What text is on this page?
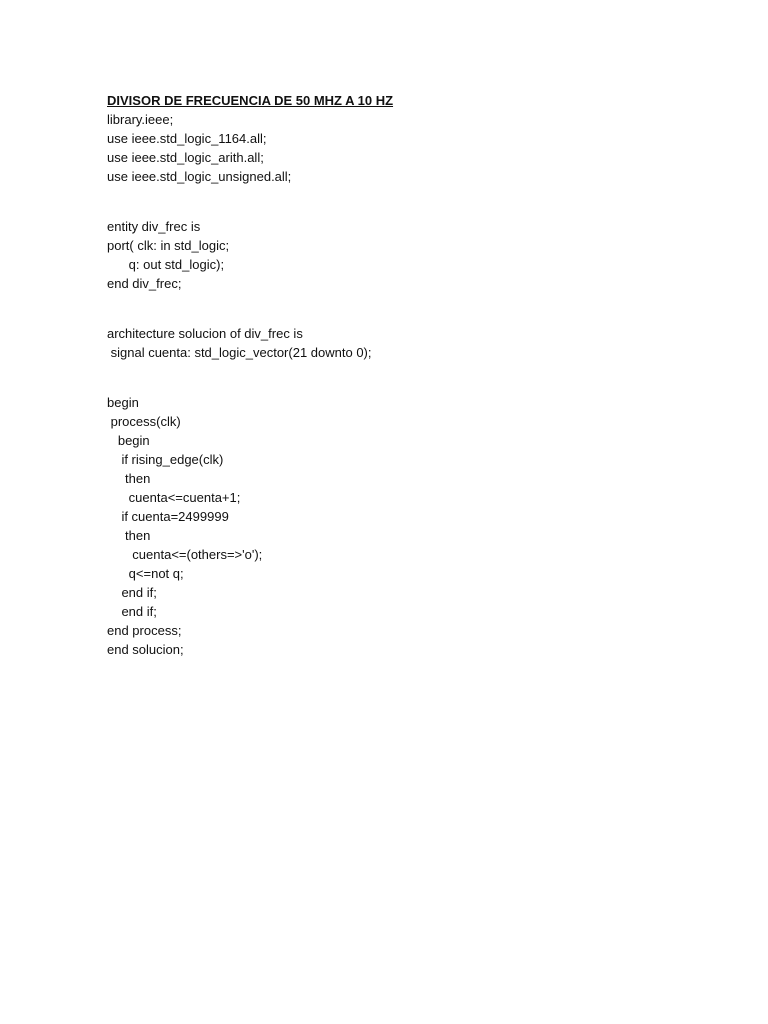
DIVISOR DE FRECUENCIA DE 50 MHZ A 10 HZ
library.ieee;
use ieee.std_logic_1164.all;
use ieee.std_logic_arith.all;
use ieee.std_logic_unsigned.all;
entity div_frec is
port( clk: in std_logic;
q: out std_logic);
end div_frec;
architecture solucion of div_frec is
signal cuenta: std_logic_vector(21 downto 0);
begin
process(clk)
begin
if rising_edge(clk)
then
cuenta<=cuenta+1;
if cuenta=2499999
then
cuenta<=(others=>'o');
q<=not q;
end if;
end if;
end process;
end solucion;
